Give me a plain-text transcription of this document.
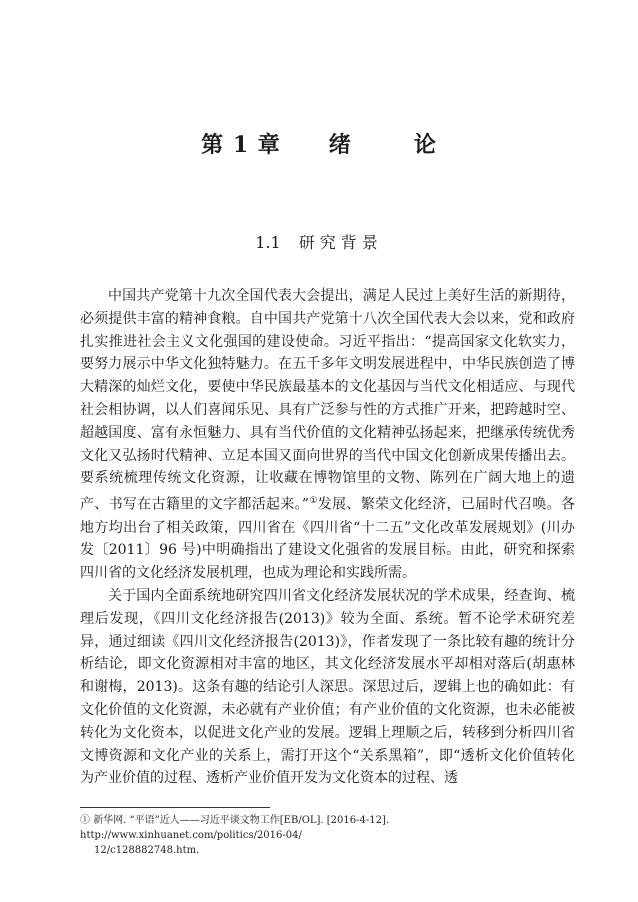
第 1 章 绪	论
1.1 研究背景

中国共产党第十九次全国代表大会提出，满足人民过上美好生活的新期待，必须提供丰富的精神食粮。自中国共产党第十八次全国代表大会以来，党和政府扎实推进社会主义文化强国的建设使命。习近平指出：“提高国家文化软实力，要努力展示中华文化独特魅力。在五千多年文明发展进程中，中华民族创造了博大精深的灿烂文化，要使中华民族最基本的文化基因与当代文化相适应、与现代社会相协调，以人们喜闻乐见、具有广泛参与性的方式推广开来，把跨越时空、超越国度、富有永恒魅力、具有当代价值的文化精神弘扬起来，把继承传统优秀文化又弘扬时代精神、立足本国又面向世界的当代中国文化创新成果传播出去。要系统梳理传统文化资源，让收藏在博物馆里的文物、陈列在广阔大地上的遗产、书写在古籍里的文字都活起来。”①发展、繁荣文化经济，已届时代召唤。各地方均出台了相关政策，四川省在《四川省“十二五”文化改革发展规划》(川办发〔2011〕96 号)中明确指出了建设文化强省的发展目标。由此，研究和探索四川省的文化经济发展机理，也成为理论和实践所需。

关于国内全面系统地研究四川省文化经济发展状况的学术成果，经查询、梳理后发现，《四川文化经济报告(2013)》较为全面、系统。暂不论学术研究差异，通过细读《四川文化经济报告(2013)》，作者发现了一条比较有趣的统计分析结论，即文化资源相对丰富的地区，其文化经济发展水平却相对落后(胡惠林和谢梅，2013)。这条有趣的结论引人深思。深思过后，逻辑上也的确如此：有文化价值的文化资源，未必就有产业价值；有产业价值的文化资源，也未必能被转化为文化资本，以促进文化产业的发展。逻辑上理顺之后，转移到分析四川省文博资源和文化产业的关系上，需打开这个“关系黑箱”，即“透析文化价值转化为产业价值的过程、透析产业价值开发为文化资本的过程、透

① 新华网. “平语”近人——习近平谈文物工作[EB/OL]. [2016-4-12]. http://www.xinhuanet.com/politics/2016-04/
12/c128882748.htm.
